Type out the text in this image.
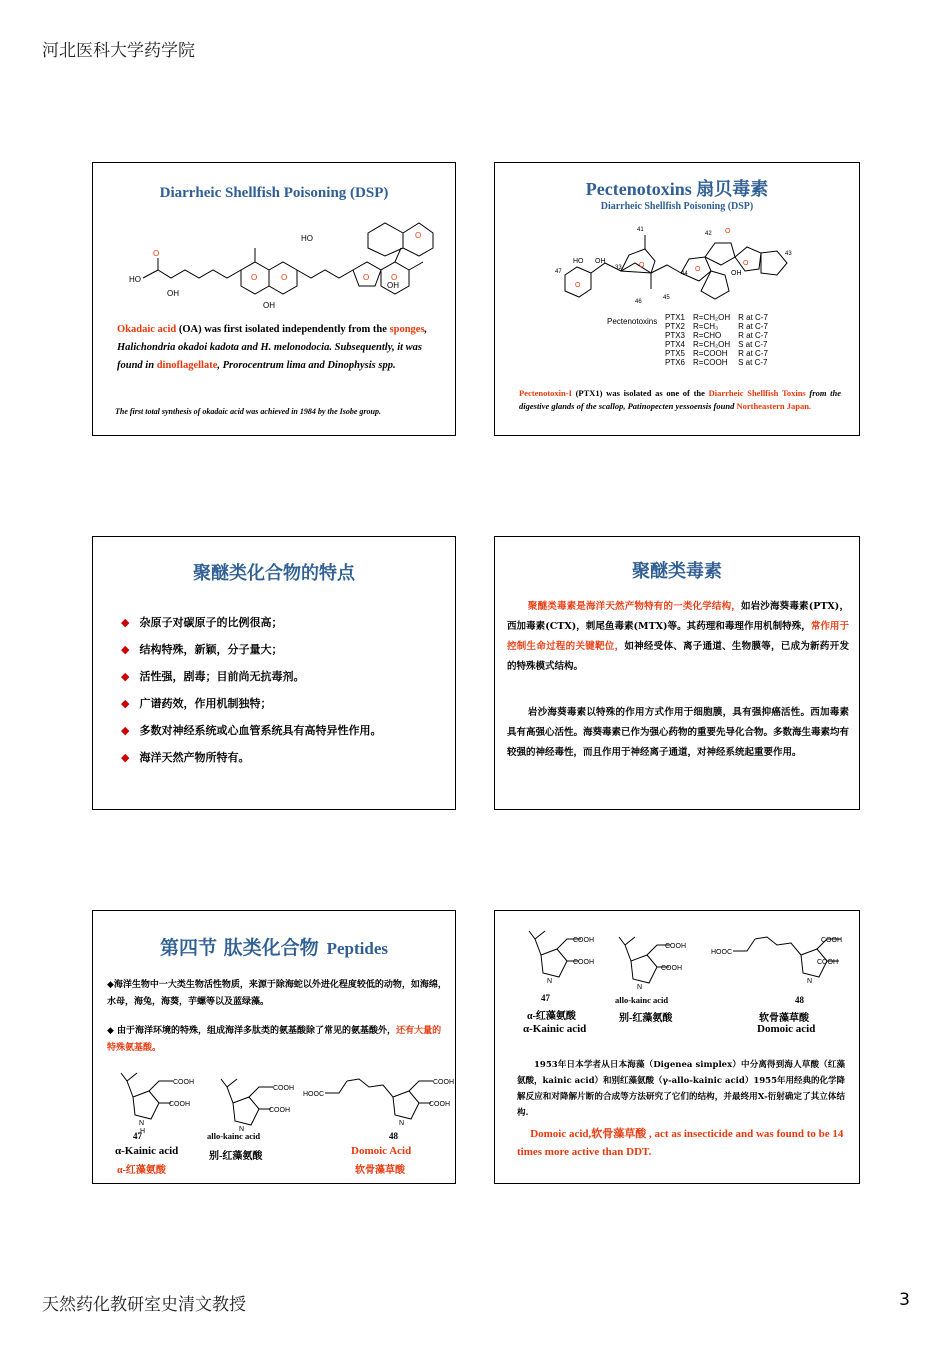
河北医科大学药学院
Diarrheic Shellfish Poisoning (DSP)
HO
OH
OH
OH
HO
O
O	O	O	O
O
Okadaic acid (OA) was first isolated independently from the sponges, Halichondria okadoi kadota and H. melonodocia. Subsequently, it was found in dinoflagellate, Prorocentrum lima and Dinophysis spp.
The first total synthesis of okadaic acid was achieved in 1984 by the Isobe group.
Pectenotoxins 扇贝毒素
Diarrheic Shellfish Poisoning (DSP)
41
42
47
43
44
45
46
33
HO OH
OH
O
O
O
O
O
Pectenotoxins PTX1	R=CH₂OH	R at C-7
PTX2	R=CH₃	R at C-7
PTX3	R=CHO	R at C-7
PTX4	R=CH₂OH	S at C-7
PTX5	R=COOH	R at C-7
PTX6	R=COOH	S at C-7
Pectenotoxin-I (PTX1) was isolated as one of the Diarrheic Shellfish Toxins from the digestive glands of the scallop, Patinopecten yessoensis found Northeastern Japan.
聚醚类化合物的特点
◆ 杂原子对碳原子的比例很高；
◆ 结构特殊，新颖，分子量大；
◆ 活性强，剧毒；目前尚无抗毒剂。
◆ 广谱药效，作用机制独特；
◆ 多数对神经系统或心血管系统具有高特异性作用。
◆ 海洋天然产物所特有。
聚醚类毒素
聚醚类毒素是海洋天然产物特有的一类化学结构，如岩沙海葵毒素(PTX)，西加毒素(CTX)，刺尾鱼毒素(MTX)等。其药理和毒理作用机制特殊，常作用于控制生命过程的关键靶位，如神经受体、离子通道、生物膜等，已成为新药开发的特殊模式结构。
岩沙海葵毒素以特殊的作用方式作用于细胞膜，具有强抑癌活性。西加毒素具有高强心活性。海葵毒素已作为强心药物的重要先导化合物。多数海生毒素均有较强的神经毒性，而且作用于神经离子通道，对神经系统起重要作用。
第四节 肽类化合物 Peptides
◆海洋生物中一大类生物活性物质，来源于除海蛇以外进化程度较低的动物，如海绵，水母，海兔，海葵，芋螺等以及蓝绿藻。
◆ 由于海洋环境的特殊，组成海洋多肽类的氨基酸除了常见的氨基酸外，还有大量的特殊氨基酸。
COOH
COOH
N
H
COOH
COOH
N
COOH
COOH
N
HOOC
47
α-Kainic acid
α-红藻氨酸
allo-kainc acid
别-红藻氨酸
48
Domoic Acid
软骨藻草酸
COOH
COOH
N
COOH
COOH
N
COOH
COOH
N
HOOC
47
α-红藻氨酸
α-Kainic acid
allo-kainc acid
别-红藻氨酸
48
软骨藻草酸
Domoic acid
1953年日本学者从日本海藻（Digenea simplex）中分离得到海人草酸（红藻氨酸，kainic acid）和别红藻氨酸（γ-allo-kainic acid）1955年用经典的化学降解反应和对降解片断的合成等方法研究了它们的结构，并最终用X-衍射确定了其立体结构.
Domoic acid,软骨藻草酸 , act as insecticide and was found to be 14 times more active than DDT.
天然药化教研室史清文教授	3
